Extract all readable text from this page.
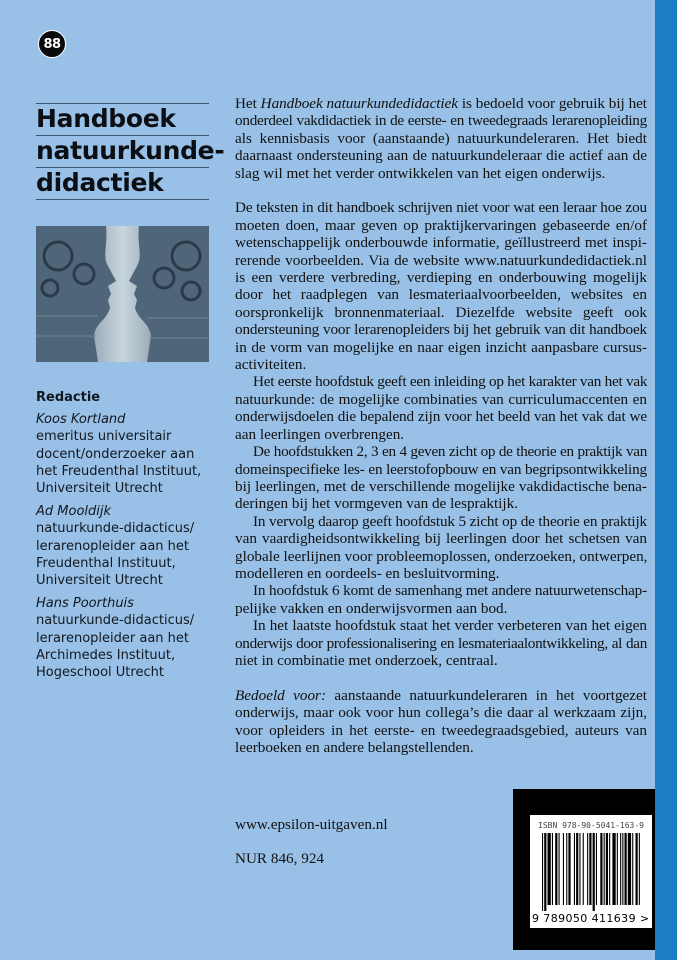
88
Handboek
natuurkunde-
didactiek
Redactie
Koos Kortland
emeritus universitair
docent/onderzoeker aan
het Freudenthal Instituut,
Universiteit Utrecht
Ad Mooldijk
natuurkunde-didacticus/
lerarenopleider aan het
Freudenthal Instituut,
Universiteit Utrecht
Hans Poorthuis
natuurkunde-didacticus/
lerarenopleider aan het
Archimedes Instituut,
Hogeschool Utrecht
Het Handboek natuurkundedidactiek is bedoeld voor gebruik bij het
onderdeel vakdidactiek in de eerste- en tweedegraads lerarenopleiding
als kennisbasis voor (aanstaande) natuurkundeleraren. Het biedt
daarnaast ondersteuning aan de natuurkundeleraar die actief aan de
slag wil met het verder ontwikkelen van het eigen onderwijs.
De teksten in dit handboek schrijven niet voor wat een leraar hoe zou
moeten doen, maar geven op praktijkervaringen gebaseerde en/of
wetenschappelijk onderbouwde informatie, geïllustreerd met inspi-
rerende voorbeelden. Via de website www.natuurkundedidactiek.nl
is een verdere verbreding, verdieping en onderbouwing mogelijk
door het raadplegen van lesmateriaalvoorbeelden, websites en
oorspronkelijk bronnenmateriaal. Diezelfde website geeft ook
ondersteuning voor lerarenopleiders bij het gebruik van dit handboek
in de vorm van mogelijke en naar eigen inzicht aanpasbare cursus-
activiteiten.
Het eerste hoofdstuk geeft een inleiding op het karakter van het vak
natuurkunde: de mogelijke combinaties van curriculumaccenten en
onderwijsdoelen die bepalend zijn voor het beeld van het vak dat we
aan leerlingen overbrengen.
De hoofdstukken 2, 3 en 4 geven zicht op de theorie en praktijk van
domeinspecifieke les- en leerstofopbouw en van begripsontwikkeling
bij leerlingen, met de verschillende mogelijke vakdidactische bena-
deringen bij het vormgeven van de lespraktijk.
In vervolg daarop geeft hoofdstuk 5 zicht op de theorie en praktijk
van vaardigheidsontwikkeling bij leerlingen door het schetsen van
globale leerlijnen voor probleemoplossen, onderzoeken, ontwerpen,
modelleren en oordeels- en besluitvorming.
In hoofdstuk 6 komt de samenhang met andere natuurwetenschap-
pelijke vakken en onderwijsvormen aan bod.
In het laatste hoofdstuk staat het verder verbeteren van het eigen
onderwijs door professionalisering en lesmateriaalontwikkeling, al dan
niet in combinatie met onderzoek, centraal.
Bedoeld voor: aanstaande natuurkundeleraren in het voortgezet
onderwijs, maar ook voor hun collega’s die daar al werkzaam zijn,
voor opleiders in het eerste- en tweedegraadsgebied, auteurs van
leerboeken en andere belangstellenden.
www.epsilon-uitgaven.nl
NUR 846, 924
ISBN 978-90-5041-163-9
9 789050 411639 >
